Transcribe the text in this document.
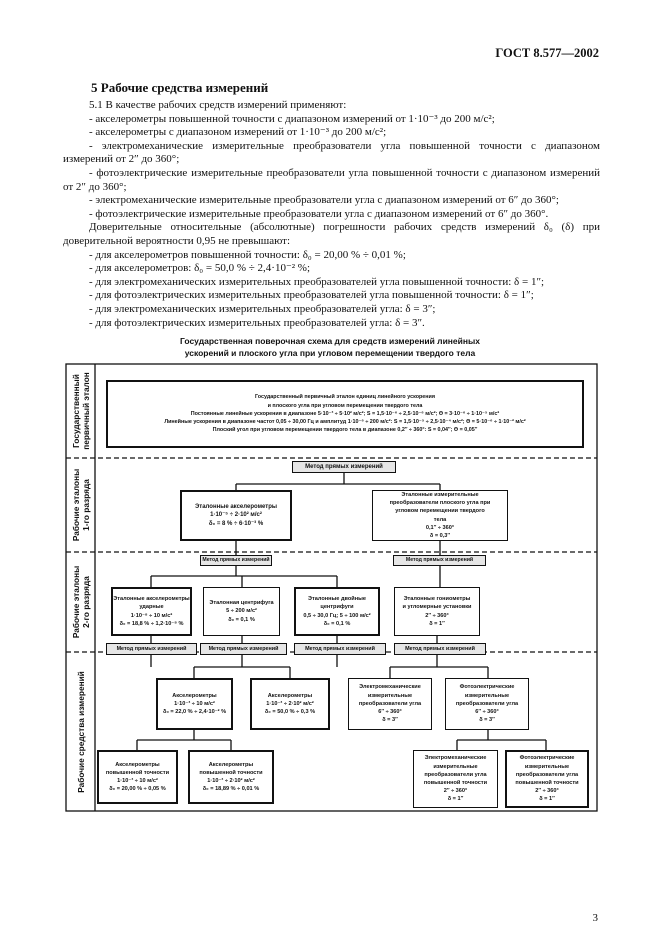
ГОСТ 8.577—2002
5 Рабочие средства измерений

5.1 В качестве рабочих средств измерений применяют:

- акселерометры повышенной точности с диапазоном измерений от 1·10⁻³ до 200 м/с²;

- акселерометры с диапазоном измерений от 1·10⁻³ до 200 м/с²;

- электромеханические измерительные преобразователи угла повышенной точности с диапазоном измерений от 2″ до 360°;

- фотоэлектрические измерительные преобразователи угла повышенной точности с диапазоном измерений от 2″ до 360°;

- электромеханические измерительные преобразователи угла с диапазоном измерений от 6″ до 360°;

- фотоэлектрические измерительные преобразователи угла с диапазоном измерений от 6″ до 360°.

Доверительные относительные (абсолютные) погрешности рабочих средств измерений δ₀ (δ) при доверительной вероятности 0,95 не превышают:

- для акселерометров повышенной точности: δ₀ = 20,00 % ÷ 0,01 %;

- для акселерометров: δ₀ = 50,0 % ÷ 2,4·10⁻² %;

- для электромеханических измерительных преобразователей угла повышенной точности: δ = 1″;

- для фотоэлектрических измерительных преобразователей угла повышенной точности: δ = 1″;

- для электромеханических измерительных преобразователей угла: δ = 3″;

- для фотоэлектрических измерительных преобразователей угла: δ = 3″.

Государственная поверочная схема для средств измерений линейных
ускорений и плоского угла при угловом перемещении твердого тела
Государственный первичный эталон
Рабочие эталоны 1-го разряда
Рабочие эталоны 2-го разряда
Рабочие средства измерений
Государственный первичный эталон единиц линейного ускорения
и плоского угла при угловом перемещении твердого тела
Постоянные линейные ускорения в диапазоне 5·10⁻³ ÷ 5·10² м/с²; S = 1,5·10⁻⁶ ÷ 2,5·10⁻⁶ м/с²; Θ = 3·10⁻⁶ ÷ 1·10⁻⁵ м/с²
Линейные ускорения в диапазоне частот 0,05 ÷ 30,00 Гц и амплитуд 1·10⁻⁶ ÷ 200 м/с²: S = 1,5·10⁻⁵ ÷ 2,5·10⁻⁴ м/с²; Θ = 5·10⁻⁶ ÷ 1·10⁻² м/с²
Плоский угол при угловом перемещении твердого тела в диапазоне 0,2″ ÷ 360°: S = 0,04″; Θ = 0,05″
Метод прямых измерений
Эталонные акселерометры
1·10⁻⁵ ÷ 2·10² м/с²
δ₀ = 8 % ÷ 6·10⁻³ %
Эталонные измерительные
преобразователи плоского угла при
угловом перемещении твердого
тела
0,1″ ÷ 360°
δ = 0,3″
Метод прямых измерений	Метод прямых измерений
Эталонные акселерометры
ударные
1·10⁻⁸ ÷ 10 м/с²
δ₀ = 18,8 % ÷ 1,2·10⁻⁸ %
Эталонная центрифуга
5 ÷ 200 м/с²
δ₀ = 0,1 %
Эталонные двойные
центрифуги
0,5 ÷ 30,0 Гц; 5 ÷ 100 м/с²
δ₀ = 0,1 %
Эталонные гониометры
и угломерные установки
2″ ÷ 360°
δ = 1″
Метод прямых измерений	Метод прямых измерений	Метод прямых измерений	Метод прямых измерений
Акселерометры
1·10⁻³ ÷ 10 м/с²
δ₀ = 22,0 % ÷ 2,4·10⁻² %
Акселерометры
1·10⁻³ ÷ 2·10² м/с²
δ₀ = 50,0 % ÷ 0,3 %
Электромеханические
измерительные
преобразователи угла
6″ ÷ 360°
δ = 3″
Фотоэлектрические
измерительные
преобразователи угла
6″ ÷ 360°
δ = 3″
Акселерометры
повышенной точности
1·10⁻³ ÷ 10 м/с²
δ₀ = 20,00 % ÷ 0,05 %
Акселерометры
повышенной точности
1·10⁻³ ÷ 2·10² м/с²
δ₀ = 18,89 % ÷ 0,01 %
Электромеханические
измерительные
преобразователи угла
повышенной точности
2″ ÷ 360°
δ = 1″
Фотоэлектрические
измерительные
преобразователи угла
повышенной точности
2″ ÷ 360°
δ = 1″
3
